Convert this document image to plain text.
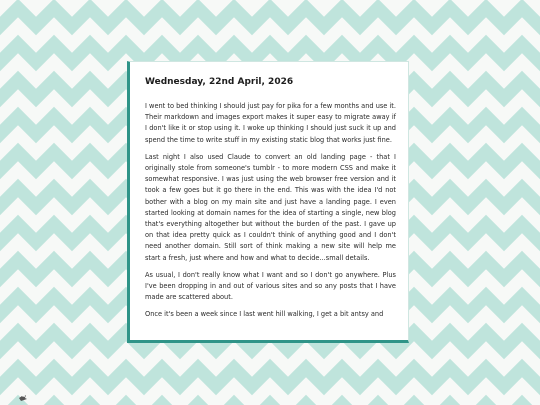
Wednesday, 22nd April, 2026

I went to bed thinking I should just pay for pika for a few months and use it. Their markdown and images export makes it super easy to migrate away if I don't like it or stop using it. I woke up thinking I should just suck it up and spend the time to write stuff in my existing static blog that works just fine.

Last night I also used Claude to convert an old landing page - that I originally stole from someone's tumblr - to more modern CSS and make it somewhat responsive. I was just using the web browser free version and it took a few goes but it go there in the end. This was with the idea I'd not bother with a blog on my main site and just have a landing page. I even started looking at domain names for the idea of starting a single, new blog that's everything altogether but without the burden of the past. I gave up on that idea pretty quick as I couldn't think of anything good and I don't need another domain. Still sort of think making a new site will help me start a fresh, just where and how and what to decide...small details.

As usual, I don't really know what I want and so I don't go anywhere. Plus I've been dropping in and out of various sites and so any posts that I have made are scattered about.

Once it's been a week since I last went hill walking, I get a bit antsy and
